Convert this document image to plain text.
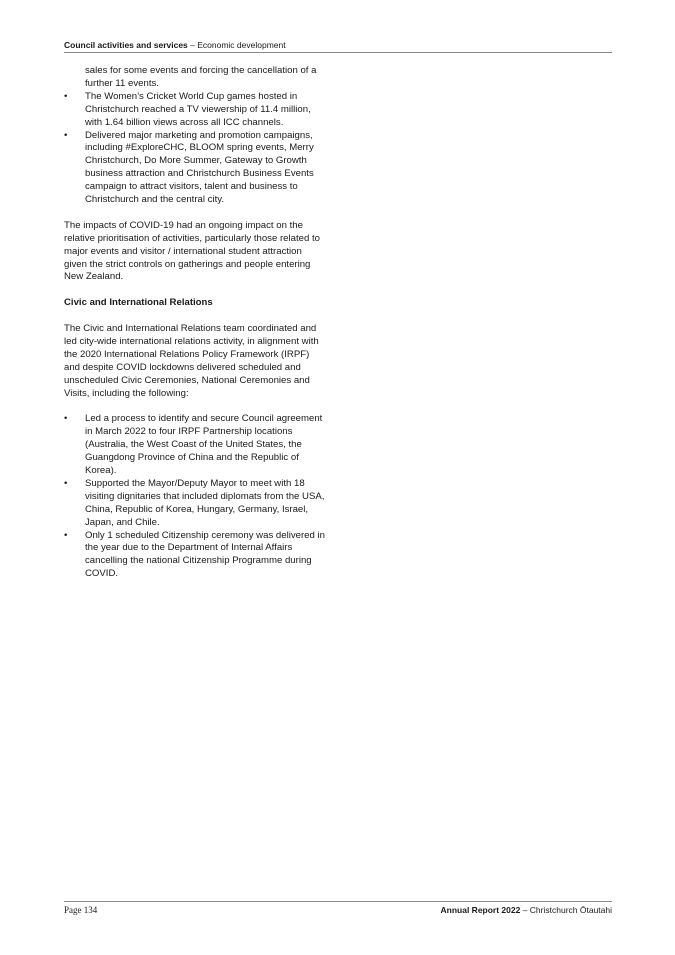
Council activities and services – Economic development

sales for some events and forcing the cancellation of a further 11 events.

• The Women’s Cricket World Cup games hosted in Christchurch reached a TV viewership of 11.4 million, with 1.64 billion views across all ICC channels.
• Delivered major marketing and promotion campaigns, including #ExploreCHC, BLOOM spring events, Merry Christchurch, Do More Summer, Gateway to Growth business attraction and Christchurch Business Events campaign to attract visitors, talent and business to Christchurch and the central city.

The impacts of COVID-19 had an ongoing impact on the relative prioritisation of activities, particularly those related to major events and visitor / international student attraction given the strict controls on gatherings and people entering New Zealand.

Civic and International Relations

The Civic and International Relations team coordinated and led city-wide international relations activity, in alignment with the 2020 International Relations Policy Framework (IRPF) and despite COVID lockdowns delivered scheduled and unscheduled Civic Ceremonies, National Ceremonies and Visits, including the following:

• Led a process to identify and secure Council agreement in March 2022 to four IRPF Partnership locations (Australia, the West Coast of the United States, the Guangdong Province of China and the Republic of Korea).
• Supported the Mayor/Deputy Mayor to meet with 18 visiting dignitaries that included diplomats from the USA, China, Republic of Korea, Hungary, Germany, Israel, Japan, and Chile.
• Only 1 scheduled Citizenship ceremony was delivered in the year due to the Department of Internal Affairs cancelling the national Citizenship Programme during COVID.
Page 134	Annual Report 2022 – Christchurch Ōtautahi
